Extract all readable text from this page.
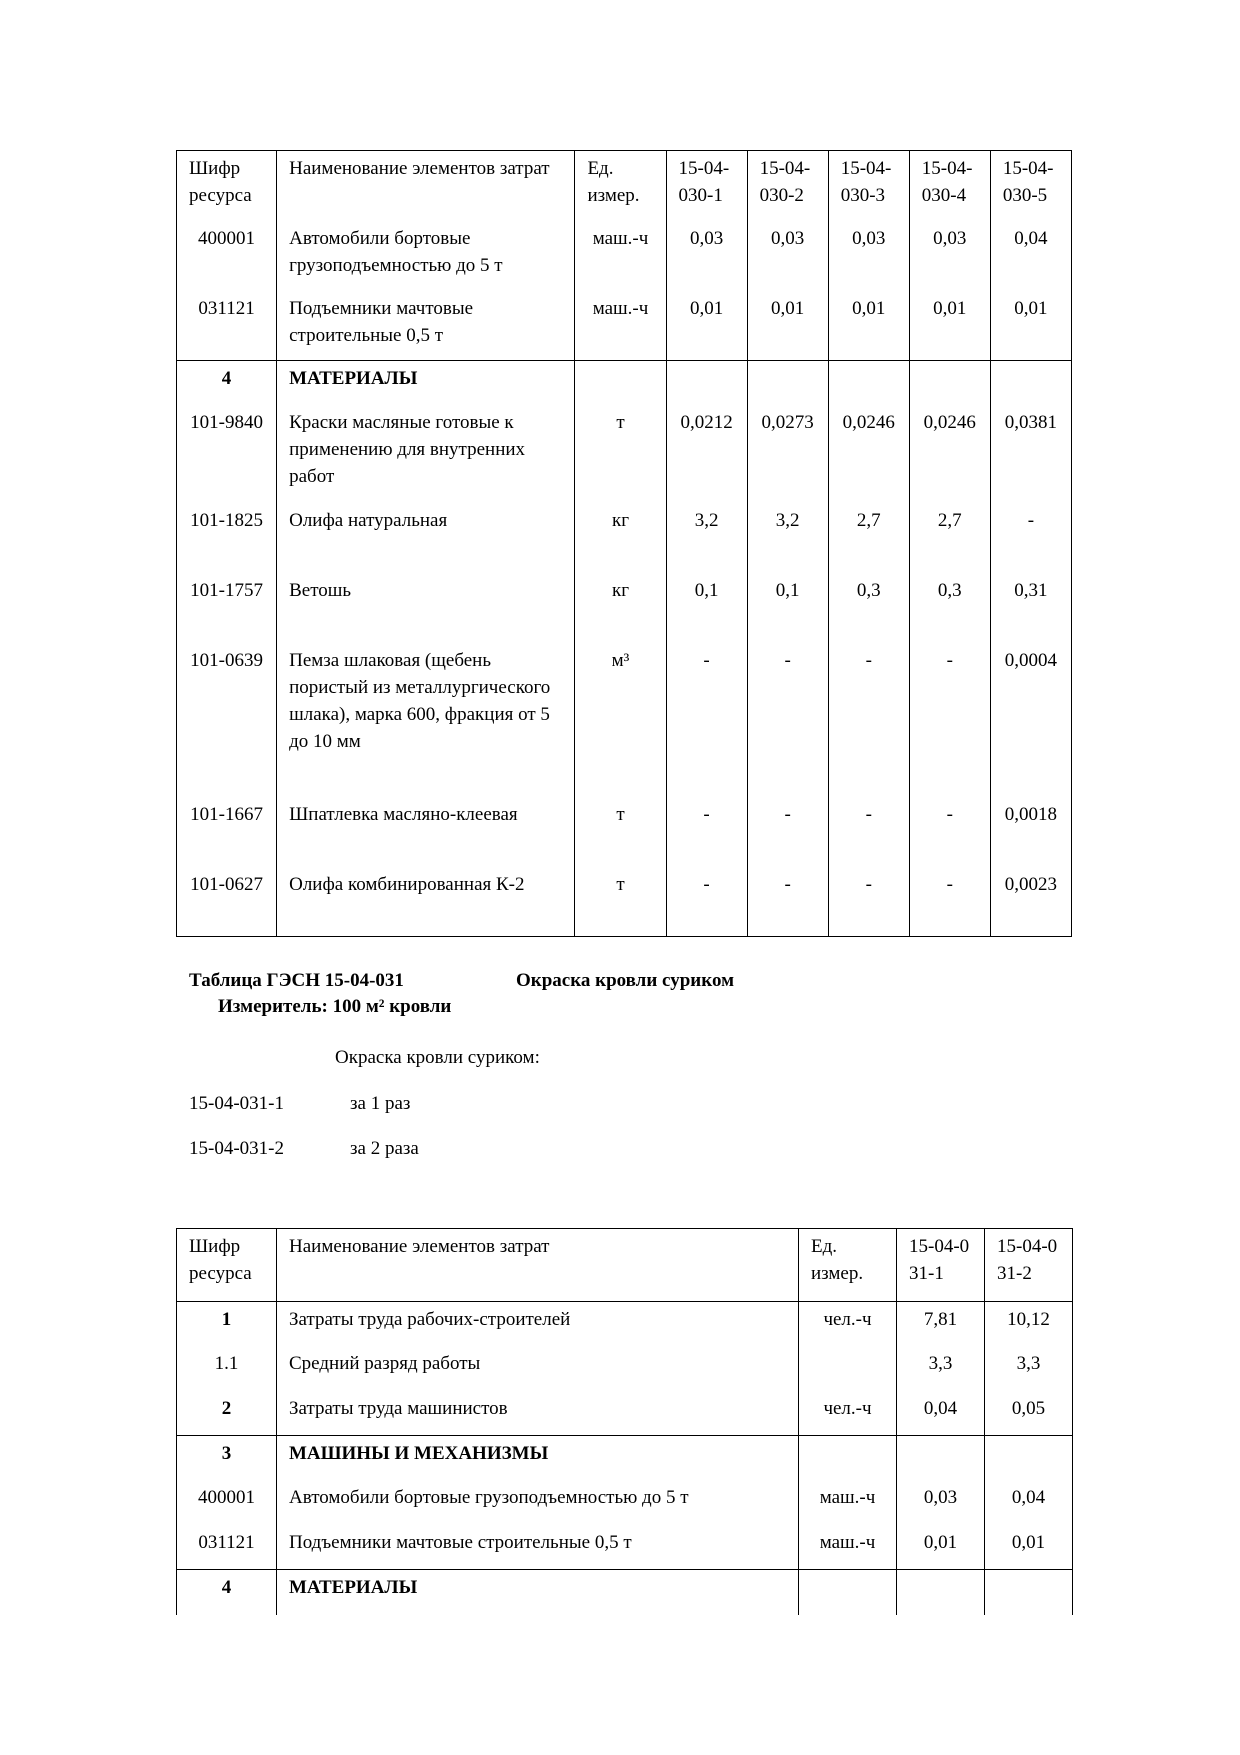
Шифр ресурса	Наименование элементов затрат	Ед. измер.	15-04-030-1	15-04-030-2	15-04-030-3	15-04-030-4	15-04-030-5
400001	Автомобили бортовые грузоподъемностью до 5 т	маш.-ч	0,03	0,03	0,03	0,03	0,04
031121	Подъемники мачтовые строительные 0,5 т	маш.-ч	0,01	0,01	0,01	0,01	0,01
4	МАТЕРИАЛЫ						
101-9840	Краски масляные готовые к применению для внутренних работ	т	0,0212	0,0273	0,0246	0,0246	0,0381
101-1825	Олифа натуральная	кг	3,2	3,2	2,7	2,7	-
101-1757	Ветошь	кг	0,1	0,1	0,3	0,3	0,31
101-0639	Пемза шлаковая (щебень пористый из металлургического шлака), марка 600, фракция от 5 до 10 мм	м³	-	-	-	-	0,0004
101-1667	Шпатлевка масляно-клеевая	т	-	-	-	-	0,0018
101-0627	Олифа комбинированная К-2	т	-	-	-	-	0,0023
Таблица ГЭСН 15-04-031	Окраска кровли суриком
Измеритель: 100 м² кровли
Окраска кровли суриком:
15-04-031-1	за 1 раз
15-04-031-2	за 2 раза
Шифр ресурса	Наименование элементов затрат	Ед. измер.	15-04-031-1	15-04-031-2
1	Затраты труда рабочих-строителей	чел.-ч	7,81	10,12
1.1	Средний разряд работы		3,3	3,3
2	Затраты труда машинистов	чел.-ч	0,04	0,05
3	МАШИНЫ И МЕХАНИЗМЫ			
400001	Автомобили бортовые грузоподъемностью до 5 т	маш.-ч	0,03	0,04
031121	Подъемники мачтовые строительные 0,5 т	маш.-ч	0,01	0,01
4	МАТЕРИАЛЫ			
